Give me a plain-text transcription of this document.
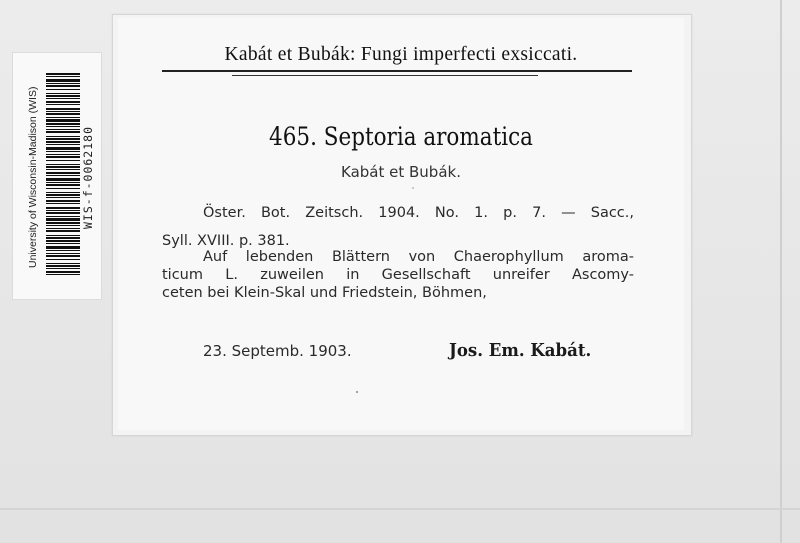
University of Wisconsin-Madison (WIS)	WIS-f-0062180
Kabát et Bubák: Fungi imperfecti exsiccati.
465. Septoria aromatica
Kabát et Bubák.
Öster. Bot. Zeitsch. 1904. No. 1. p. 7. — Sacc.,
Syll. XVIII. p. 381.
Auf lebenden Blättern von Chaerophyllum aroma-
ticum L. zuweilen in Gesellschaft unreifer Ascomy-
ceten bei Klein-Skal und Friedstein, Böhmen,
23. Septemb. 1903.	Jos. Em. Kabát.
